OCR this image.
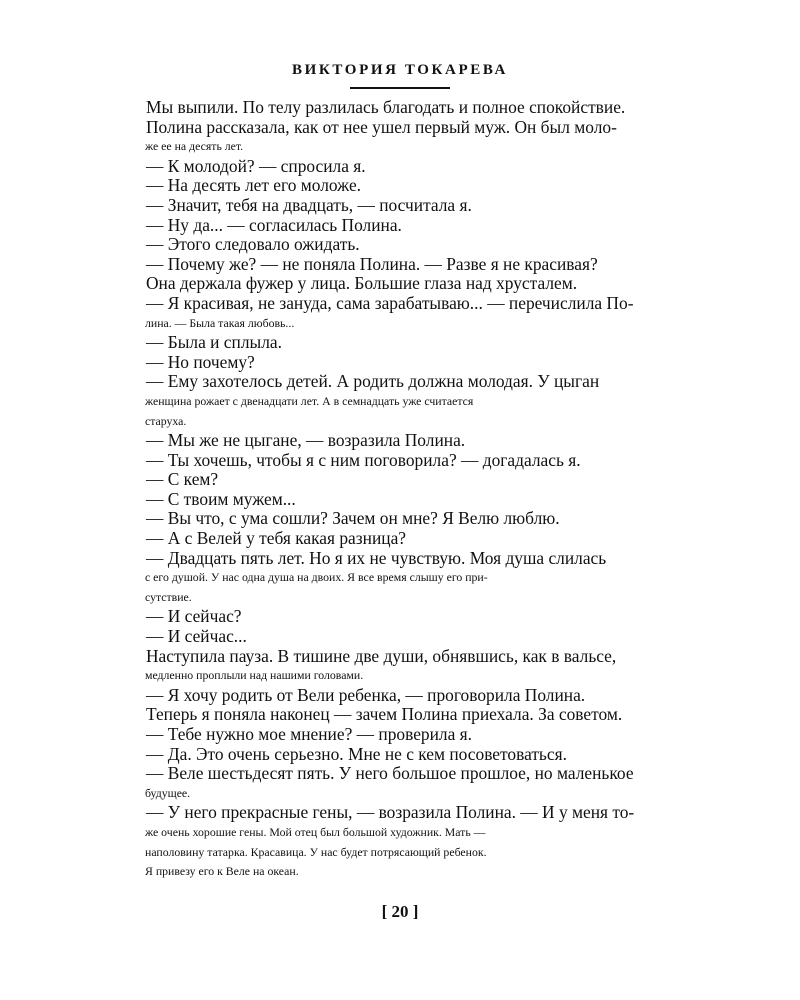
ВИКТОРИЯ ТОКАРЕВА

Мы выпили. По телу разлилась благодать и полное спокойствие.

Полина рассказала, как от нее ушел первый муж. Он был моло-

же ее на десять лет.

— К молодой? — спросила я.

— На десять лет его моложе.

— Значит, тебя на двадцать, — посчитала я.

— Ну да... — согласилась Полина.

— Этого следовало ожидать.

— Почему же? — не поняла Полина. — Разве я не красивая?

Она держала фужер у лица. Большие глаза над хрусталем.

— Я красивая, не зануда, сама зарабатываю... — перечислила По-

лина. — Была такая любовь...

— Была и сплыла.

— Но почему?

— Ему захотелось детей. А родить должна молодая. У цыган

женщина рожает с двенадцати лет. А в семнадцать уже считается

старуха.

— Мы же не цыгане, — возразила Полина.

— Ты хочешь, чтобы я с ним поговорила? — догадалась я.

— С кем?

— С твоим мужем...

— Вы что, с ума сошли? Зачем он мне? Я Велю люблю.

— А с Велей у тебя какая разница?

— Двадцать пять лет. Но я их не чувствую. Моя душа слилась

с его душой. У нас одна душа на двоих. Я все время слышу его при-

сутствие.

— И сейчас?

— И сейчас...

Наступила пауза. В тишине две души, обнявшись, как в вальсе,

медленно проплыли над нашими головами.

— Я хочу родить от Вели ребенка, — проговорила Полина.

Теперь я поняла наконец — зачем Полина приехала. За советом.

— Тебе нужно мое мнение? — проверила я.

— Да. Это очень серьезно. Мне не с кем посоветоваться.

— Веле шестьдесят пять. У него большое прошлое, но маленькое

будущее.

— У него прекрасные гены, — возразила Полина. — И у меня то-

же очень хорошие гены. Мой отец был большой художник. Мать —

наполовину татарка. Красавица. У нас будет потрясающий ребенок.

Я привезу его к Веле на океан.

[ 20 ]
